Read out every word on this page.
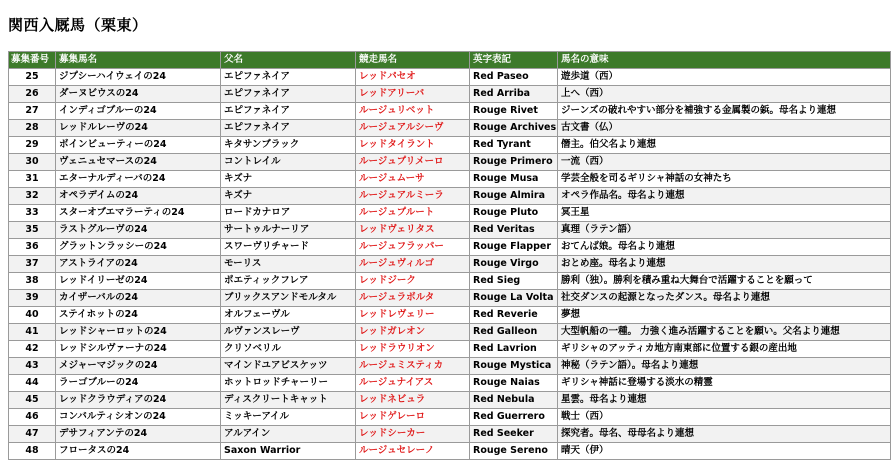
関西入厩馬（栗東）
募集番号	募集馬名	父名	競走馬名	英字表記	馬名の意味
25	ジプシーハイウェイの24	エピファネイア	レッドパセオ	Red Paseo	遊歩道（西）
26	ダーヌビウスの24	エピファネイア	レッドアリーバ	Red Arriba	上へ（西）
27	インディゴブルーの24	エピファネイア	ルージュリベット	Rouge Rivet	ジーンズの破れやすい部分を補強する金属製の鋲。母名より連想
28	レッドルレーヴの24	エピファネイア	ルージュアルシーヴ	Rouge Archives	古文書（仏）
29	ボインビューティーの24	キタサンブラック	レッドタイラント	Red Tyrant	僭主。伯父名より連想
30	ヴェニュセマースの24	コントレイル	ルージュプリメーロ	Rouge Primero	一流（西）
31	エターナルディーバの24	キズナ	ルージュムーサ	Rouge Musa	学芸全般を司るギリシャ神話の女神たち
32	オペラデイムの24	キズナ	ルージュアルミーラ	Rouge Almira	オペラ作品名。母名より連想
33	スターオブエマラーティの24	ロードカナロア	ルージュプルート	Rouge Pluto	冥王星
35	ラストグルーヴの24	サートゥルナーリア	レッドヴェリタス	Red Veritas	真理（ラテン語）
36	グラットンラッシーの24	スワーヴリチャード	ルージュフラッパー	Rouge Flapper	おてんば娘。母名より連想
37	アストライアの24	モーリス	ルージュヴィルゴ	Rouge Virgo	おとめ座。母名より連想
38	レッドイリーゼの24	ポエティックフレア	レッドジーク	Red Sieg	勝利（独）。勝利を積み重ね大舞台で活躍することを願って
39	カイザーバルの24	ブリックスアンドモルタル	ルージュラボルタ	Rouge La Volta	社交ダンスの起源となったダンス。母名より連想
40	ステイホットの24	オルフェーヴル	レッドレヴェリー	Red Reverie	夢想
41	レッドシャーロットの24	ルヴァンスレーヴ	レッドガレオン	Red Galleon	大型帆船の一種。 力強く進み活躍することを願い。父名より連想
42	レッドシルヴァーナの24	クリソベリル	レッドラウリオン	Red Lavrion	ギリシャのアッティカ地方南東部に位置する銀の産出地
43	メジャーマジックの24	マインドユアビスケッツ	ルージュミスティカ	Rouge Mystica	神秘（ラテン語）。母名より連想
44	ラーゴブルーの24	ホットロッドチャーリー	ルージュナイアス	Rouge Naias	ギリシャ神話に登場する淡水の精霊
45	レッドクラウディアの24	ディスクリートキャット	レッドネビュラ	Red Nebula	星雲。母名より連想
46	コンバルティシオンの24	ミッキーアイル	レッドゲレーロ	Red Guerrero	戦士（西）
47	デサフィアンテの24	アルアイン	レッドシーカー	Red Seeker	探究者。母名、母母名より連想
48	フロータスの24	Saxon Warrior	ルージュセレーノ	Rouge Sereno	晴天（伊）
